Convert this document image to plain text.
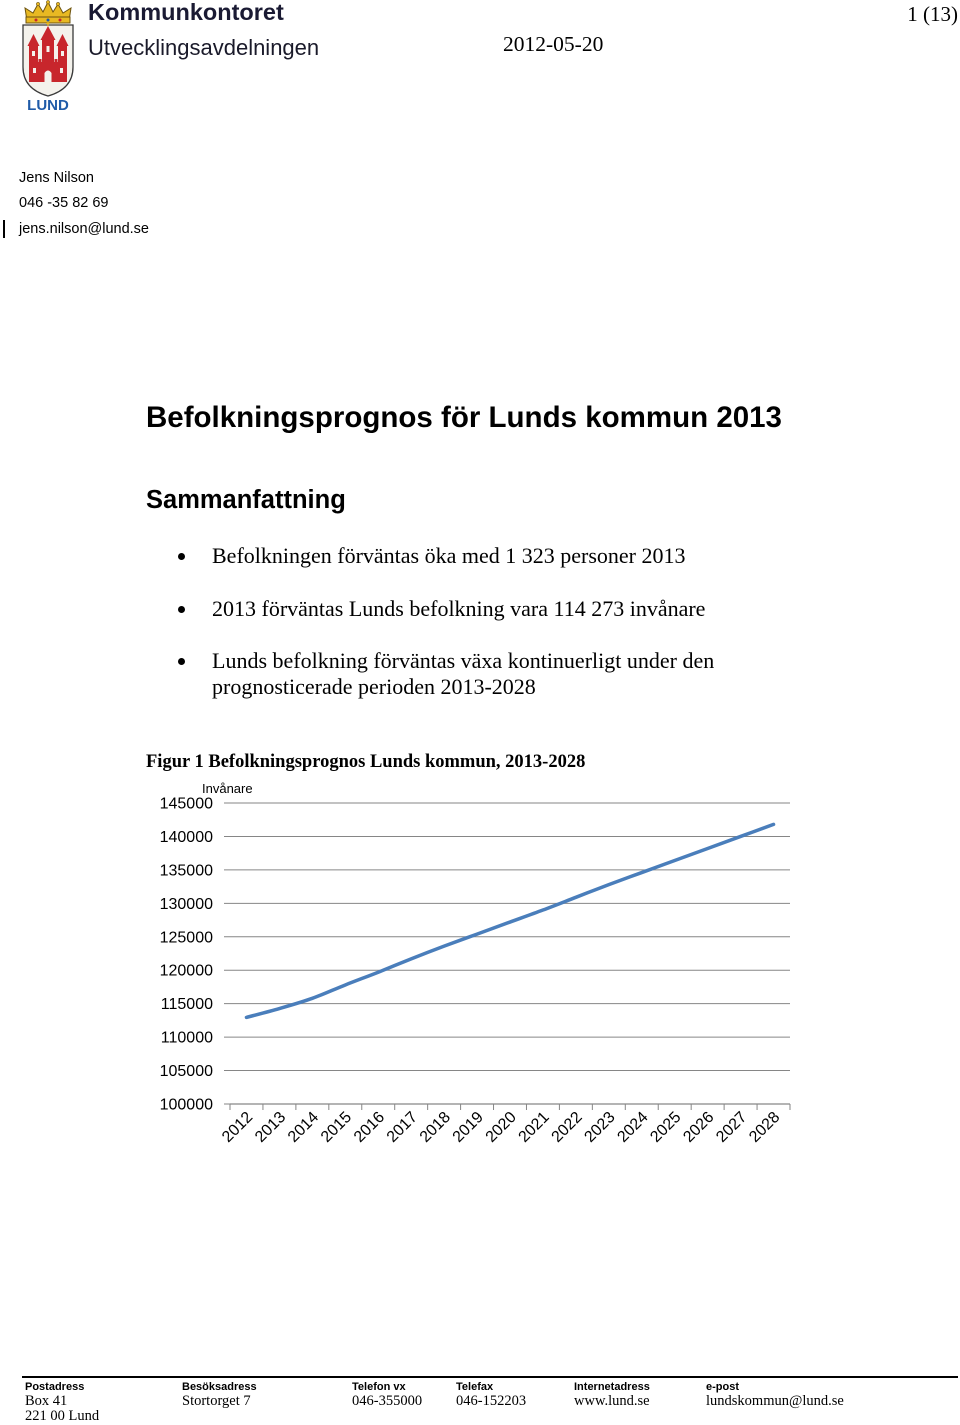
LUND
Kommunkontoret
Utvecklingsavdelningen	2012-05-20
1 (13)
Jens Nilson
046 -35 82 69
jens.nilson@lund.se
Befolkningsprognos för Lunds kommun 2013
Sammanfattning
Befolkningen förväntas öka med 1 323 personer 2013
2013 förväntas Lunds befolkning vara 114 273 invånare
Lunds befolkning förväntas växa kontinuerligt under den prognosticerade perioden 2013-2028
Figur 1 Befolkningsprognos Lunds kommun, 2013-2028
100000
105000
110000
115000
120000
125000
130000
135000
140000
145000
2012
2013
2014
2015
2016
2017
2018
2019
2020
2021
2022
2023
2024
2025
2026
2027
2028
Invånare
Postadress
Box 41
221 00 Lund
Besöksadress
Stortorget 7
Telefon vx
046-355000
Telefax
046-152203
Internetadress
www.lund.se
e-post
lundskommun@lund.se
